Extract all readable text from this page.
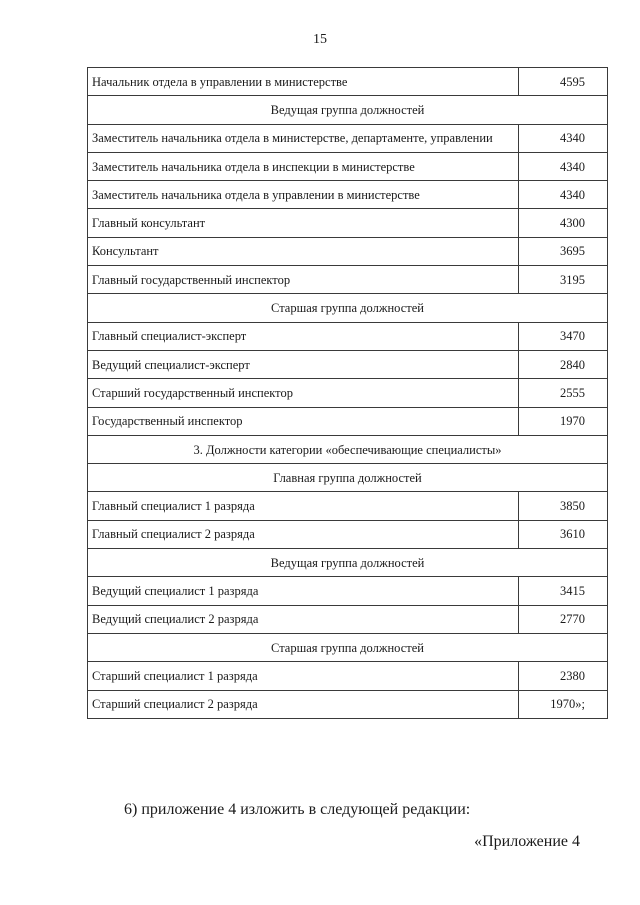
15
Начальник отдела в управлении в министерстве	4595
Ведущая группа должностей	
Заместитель начальника отдела в министерстве, департаменте, управлении	4340
Заместитель начальника отдела в инспекции в министерстве	4340
Заместитель начальника отдела в управлении в министерстве	4340
Главный консультант	4300
Консультант	3695
Главный государственный инспектор	3195
Старшая группа должностей	
Главный специалист-эксперт	3470
Ведущий специалист-эксперт	2840
Старший государственный инспектор	2555
Государственный инспектор	1970
3. Должности категории «обеспечивающие специалисты»	
Главная группа должностей	
Главный специалист 1 разряда	3850
Главный специалист 2 разряда	3610
Ведущая группа должностей	
Ведущий специалист 1 разряда	3415
Ведущий специалист 2 разряда	2770
Старшая группа должностей	
Старший специалист 1 разряда	2380
Старший специалист 2 разряда	1970»;
6) приложение 4 изложить в следующей редакции:
«Приложение 4
